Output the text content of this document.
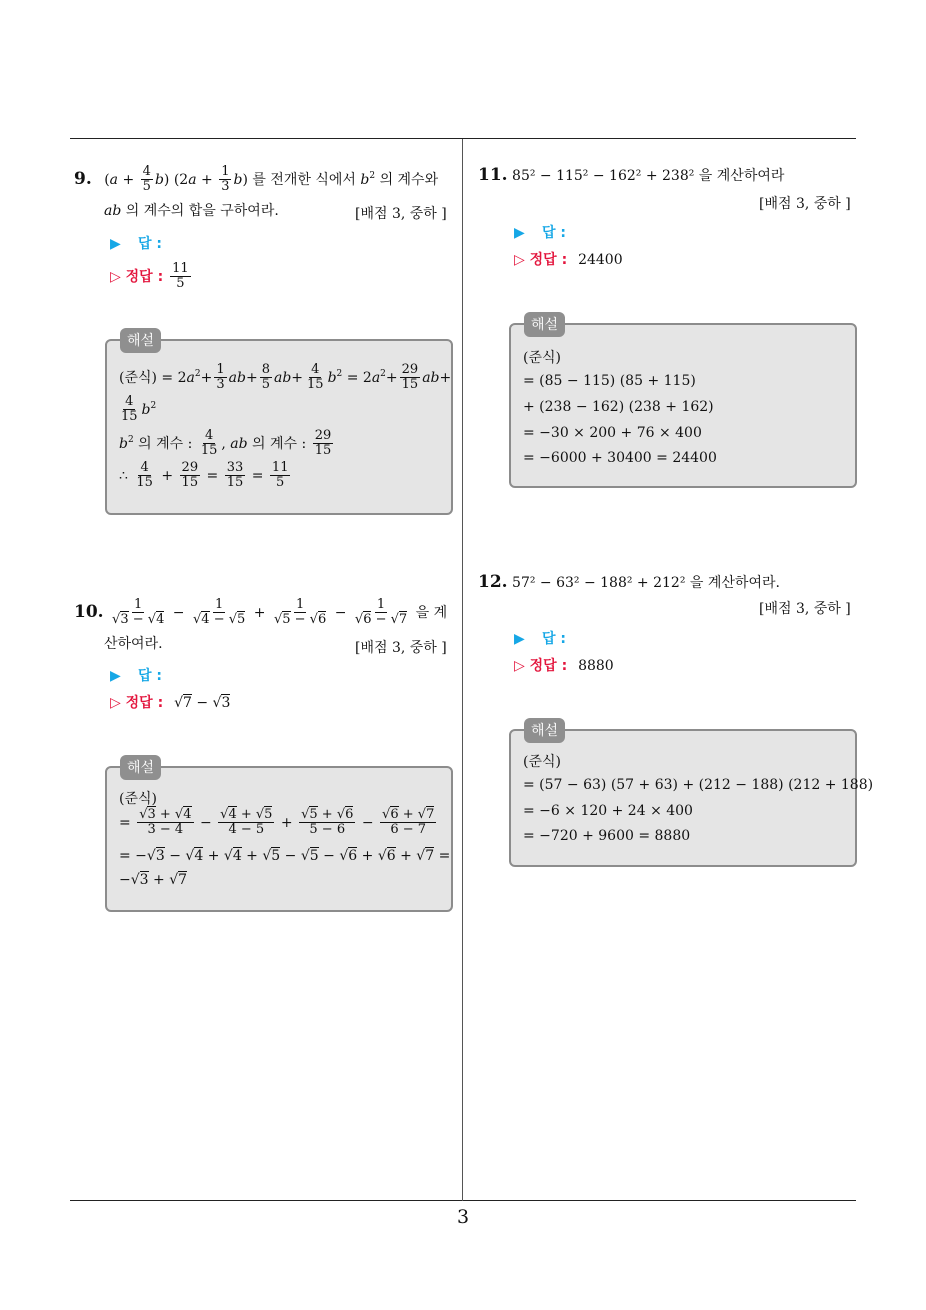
3
9. $(a + \frac{4}{5} b)$ $(2a + \frac{1}{3} b)$ 를 전개한 식에서 $b^2$ 의 계수와
ab 의 계수의 합을 구하여라.	[배점 3, 중하 ]
▶ 답 :
▷ 정답 : $\frac{11}{5}$
해설
(준식) = $2a^2+ \frac{1}{3} ab+ \frac{8}{5} ab+ \frac{4}{15} b^2 = 2a^2+ \frac{29}{15} ab+$
$\frac{4}{15} b^2$
$b^2$ 의 계수 : $\frac{4}{15}$ , ab 의 계수 : $\frac{29}{15}$
∴ $\frac{4}{15} + \frac{29}{15} = \frac{33}{15} = \frac{11}{5}$
10. $\frac{1}{√3 - √4} - \frac{1}{√4 - √5} + \frac{1}{√5 - √6} - \frac{1}{√6 - √7}$ 을 계
산하여라.	[배점 3, 중하 ]
▶ 답 :
▷ 정답 : √7 − √3
해설
(준식)
= $\frac{√3 + √4}{3 - 4} - \frac{√4 + √5}{4 - 5} + \frac{√5 + √6}{5 - 6} - \frac{√6 + √7}{6 - 7}$
= −√3 − √4 + √4 + √5 − √5 − √6 + √6 + √7 =
−√3 + √7
11. 85² − 115² − 162² + 238² 을 계산하여라
[배점 3, 중하 ]
▶ 답 :
▷ 정답 : 24400
해설
(준식)
= (85 − 115) (85 + 115)
+ (238 − 162) (238 + 162)
= −30 × 200 + 76 × 400
= −6000 + 30400 = 24400
12. 57² − 63² − 188² + 212² 을 계산하여라.
[배점 3, 중하 ]
▶ 답 :
▷ 정답 : 8880
해설
(준식)
= (57 − 63) (57 + 63) + (212 − 188) (212 + 188)
= −6 × 120 + 24 × 400
= −720 + 9600 = 8880
